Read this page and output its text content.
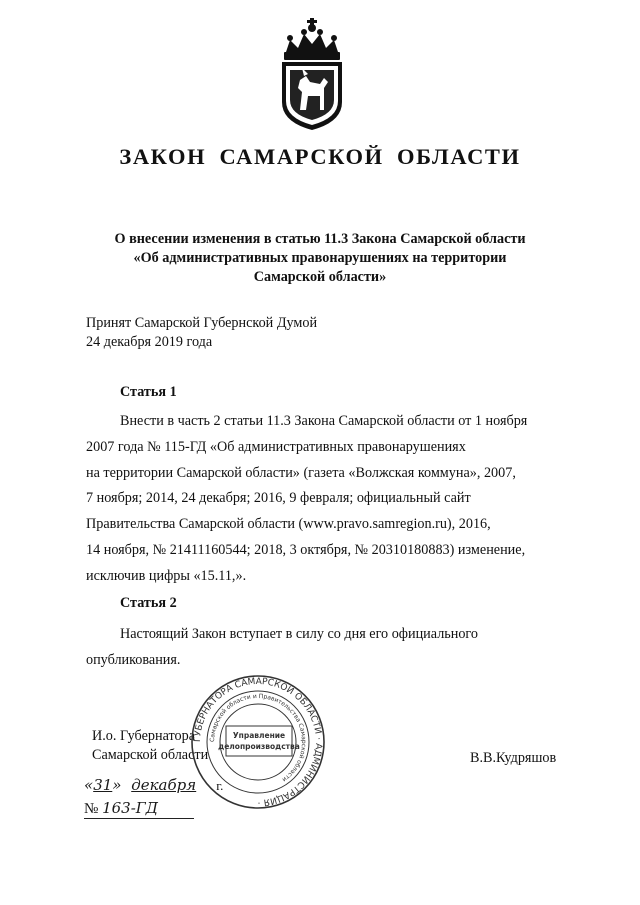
ЗАКОН САМАРСКОЙ ОБЛАСТИ
О внесении изменения в статью 11.3 Закона Самарской области
«Об административных правонарушениях на территории
Самарской области»
Принят Самарской Губернской Думой
24 декабря 2019 года
Статья 1
Внести в часть 2 статьи 11.3 Закона Самарской области от 1 ноября
2007 года № 115-ГД «Об административных правонарушениях
на территории Самарской области» (газета «Волжская коммуна», 2007,
7 ноября; 2014, 24 декабря; 2016, 9 февраля; официальный сайт
Правительства Самарской области (www.pravo.samregion.ru), 2016,
14 ноября, № 21411160544; 2018, 3 октября, № 20310180883) изменение,
исключив цифры «15.11,».
Статья 2
Настоящий Закон вступает в силу со дня его официального
опубликования.
И.о. Губернатора
Самарской области	В.В.Кудряшов
«31» декабря г.
№ 163-ГД
ГУБЕРНАТОРА САМАРСКОЙ ОБЛАСТИ · АДМИНИСТРАЦИЯ ·
Самарской области и Правительства Самарской области
Управление
делопроизводства
